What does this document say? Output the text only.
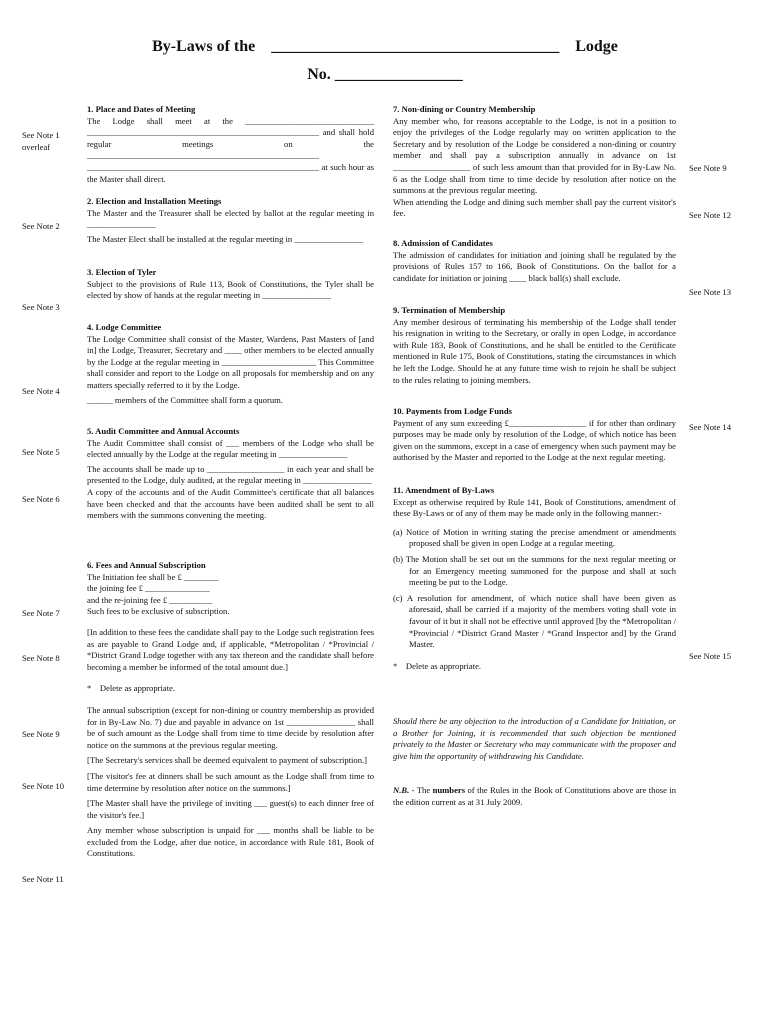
By-Laws of the    ____________________________________    Lodge
No. ________________
See Note 1
overleaf
See Note 2
See Note 3
See Note 4
See Note 5
See Note 6
See Note 7
See Note 8
See Note 9
See Note 10
See Note 11
See Note 9
See Note 12
See Note 13
See Note 14
See Note 15
1. Place and Dates of Meeting
The Lodge shall meet at the ______________________________ ______________________________________________________ and shall hold regular meetings on the ______________________________________________________ ______________________________________________________ at such hour as the Master shall direct.
2. Election and Installation Meetings
The Master and the Treasurer shall be elected by ballot at the regular meeting in ________________
The Master Elect shall be installed at the regular meeting in ________________
3. Election of Tyler
Subject to the provisions of Rule 113, Book of Constitutions, the Tyler shall be elected by show of hands at the regular meeting in ________________
4. Lodge Committee
The Lodge Committee shall consist of the Master, Wardens, Past Masters of [and in] the Lodge, Treasurer, Secretary and ____ other members to be elected annually by the Lodge at the regular meeting in ______________________ This Committee shall consider and report to the Lodge on all proposals for membership and on any matters specially referred to it by the Lodge.
______ members of the Committee shall form a quorum.
5. Audit Committee and Annual Accounts
The Audit Committee shall consist of ___ members of the Lodge who shall be elected annually by the Lodge at the regular meeting in ________________
The accounts shall be made up to __________________ in each year and shall be presented to the Lodge, duly audited, at the regular meeting in ________________
A copy of the accounts and of the Audit Committee's certificate that all balances have been checked and that the accounts have been audited shall be sent to all members with the summons convening the meeting.
6. Fees and Annual Subscription
The Initiation fee shall be £ ________
the joining fee £ _______________
and the re-joining fee £ __________
Such fees to be exclusive of subscription.
[In addition to these fees the candidate shall pay to the Lodge such registration fees as are payable to Grand Lodge and, if applicable, *Metropolitan / *Provincial / *District Grand Lodge together with any tax thereon and the candidate shall before becoming a member be informed of the total amount due.]
*    Delete as appropriate.
The annual subscription (except for non-dining or country membership as provided for in By-Law No. 7) due and payable in advance on 1st ________________ shall be of such amount as the Lodge shall from time to time decide by resolution after notice on the summons at the previous regular meeting.
[The Secretary's services shall be deemed equivalent to payment of subscription.]
[The visitor's fee at dinners shall be such amount as the Lodge shall from time to time determine by resolution after notice on the summons.]
[The Master shall have the privilege of inviting ___ guest(s) to each dinner free of the visitor's fee.]
Any member whose subscription is unpaid for ___ months shall be liable to be excluded from the Lodge, after due notice, in accordance with Rule 181, Book of Constitutions.
7. Non-dining or Country Membership
Any member who, for reasons acceptable to the Lodge, is not in a position to enjoy the privileges of the Lodge regularly may on written application to the Secretary and by resolution of the Lodge be considered a non-dining or country member and shall pay a subscription annually in advance on 1st __________________ of such less amount than that provided for in By-Law No. 6 as the Lodge shall from time to time decide by resolution after notice on the summons at the previous regular meeting.
When attending the Lodge and dining such member shall pay the current visitor's fee.
8. Admission of Candidates
The admission of candidates for initiation and joining shall be regulated by the provisions of Rules 157 to 166, Book of Constitutions. On the ballot for a candidate for initiation or joining ____ black ball(s) shall exclude.
9. Termination of Membership
Any member desirous of terminating his membership of the Lodge shall tender his resignation in writing to the Secretary, or orally in open Lodge, in accordance with Rule 183, Book of Constitutions, and he shall be entitled to the Certificate mentioned in Rule 175, Book of Constitutions, stating the circumstances in which he left the Lodge. Should he at any future time wish to rejoin he shall be subject to the rules relating to joining members.
10. Payments from Lodge Funds
Payment of any sum exceeding £__________________ if for other than ordinary purposes may be made only by resolution of the Lodge, of which notice has been given on the summons, except in a case of emergency when such payment may be authorised by the Master and reported to the Lodge at the next regular meeting.
11. Amendment of By-Laws
Except as otherwise required by Rule 141, Book of Constitutions, amendment of these By-Laws or of any of them may be made only in the following manner:-
(a) Notice of Motion in writing stating the precise amendment or amendments proposed shall be given in open Lodge at a regular meeting.
(b) The Motion shall be set out on the summons for the next regular meeting or for an Emergency meeting summoned for the purpose and shall at such meeting be put to the Lodge.
(c) A resolution for amendment, of which notice shall have been given as aforesaid, shall be carried if a majority of the members voting shall vote in favour of it but it shall not be effective until approved [by the *Metropolitan / *Provincial / *District Grand Master / *Grand Inspector and] by the Grand Master.
*    Delete as appropriate.
Should there be any objection to the introduction of a Candidate for Initiation, or a Brother for Joining, it is recommended that such objection be mentioned privately to the Master or Secretary who may communicate with the proposer and give him the opportunity of withdrawing his Candidate.
N.B. - The numbers of the Rules in the Book of Constitutions above are those in the edition current as at 31 July 2009.
